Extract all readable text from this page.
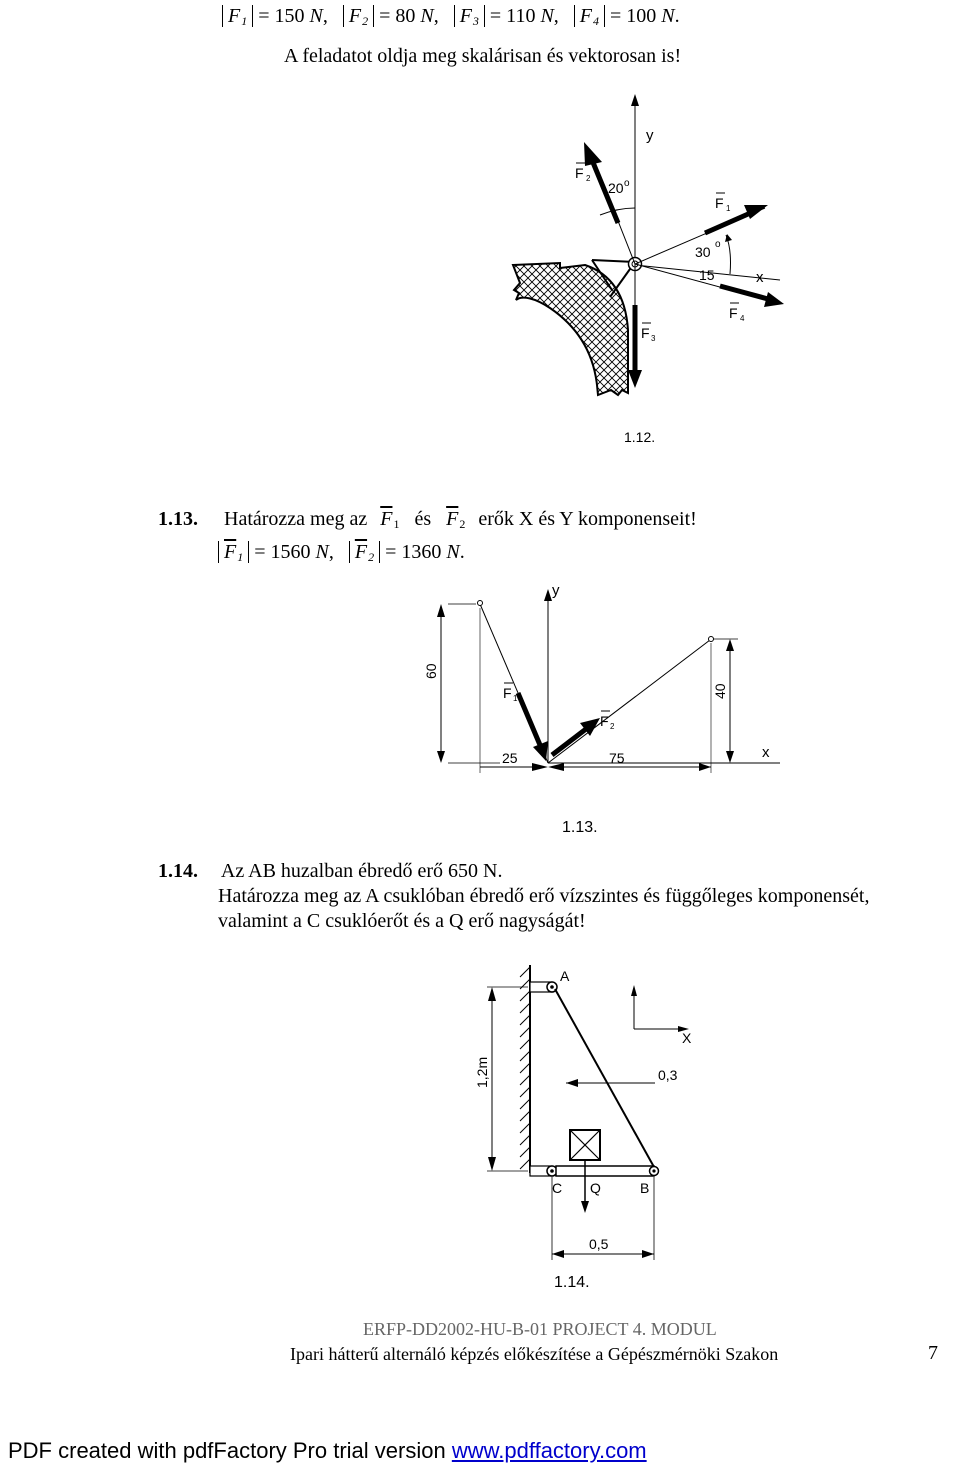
$F_1 = 150$ N, $F_2 = 80$ N, $F_3 = 110$ N, $F_4 = 100$ N.
A feladatot oldja meg skalárisan és vektorosan is!
y
x
F 2
20 o
F 1
30 o
15
F 4
F 3
1.12.
1.13. Határozza meg az $\overline{F}_1$ és $\overline{F}_2$ erők X és Y komponenseit!
$\overline{F}_1 = 1560$ N, $\overline{F}_2 = 1360$ N.
60
40
25	75
y
x
F 1
F 2
1.13.
1.14. Az AB huzalban ébredő erő 650 N.
Határozza meg az A csuklóban ébredő erő vízszintes és függőleges komponensét,
valamint a C csuklóerőt és a Q erő nagyságát!
1,2m
A
X
0,3
C Q	B
0,5
1.14.
ERFP-DD2002-HU-B-01 PROJECT 4. MODUL
Ipari hátterű alternáló képzés előkészítése a Gépészmérnöki Szakon	7
PDF created with pdfFactory Pro trial version www.pdffactory.com
